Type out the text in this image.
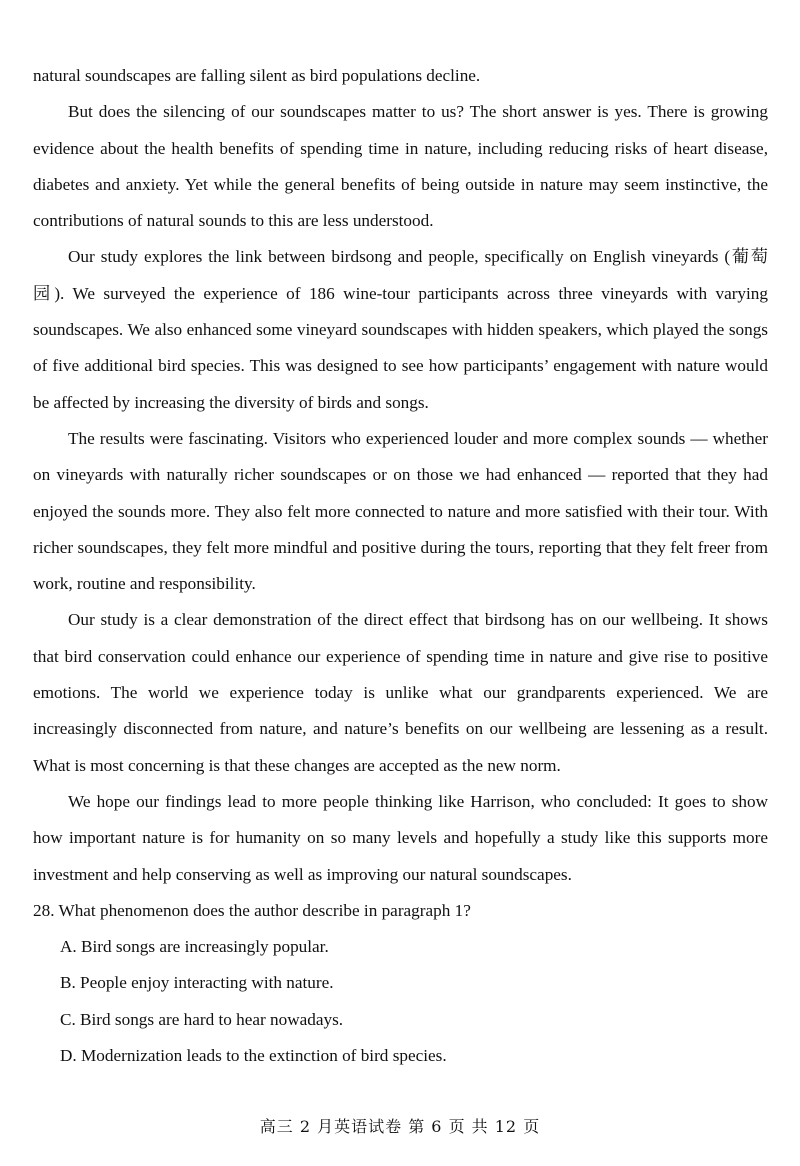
natural soundscapes are falling silent as bird populations decline.

But does the silencing of our soundscapes matter to us? The short answer is yes. There is growing evidence about the health benefits of spending time in nature, including reducing risks of heart disease, diabetes and anxiety. Yet while the general benefits of being outside in nature may seem instinctive, the contributions of natural sounds to this are less understood.

Our study explores the link between birdsong and people, specifically on English vineyards (葡萄园). We surveyed the experience of 186 wine-tour participants across three vineyards with varying soundscapes. We also enhanced some vineyard soundscapes with hidden speakers, which played the songs of five additional bird species. This was designed to see how participants’ engagement with nature would be affected by increasing the diversity of birds and songs.

The results were fascinating. Visitors who experienced louder and more complex sounds — whether on vineyards with naturally richer soundscapes or on those we had enhanced — reported that they had enjoyed the sounds more. They also felt more connected to nature and more satisfied with their tour. With richer soundscapes, they felt more mindful and positive during the tours, reporting that they felt freer from work, routine and responsibility.

Our study is a clear demonstration of the direct effect that birdsong has on our wellbeing. It shows that bird conservation could enhance our experience of spending time in nature and give rise to positive emotions. The world we experience today is unlike what our grandparents experienced. We are increasingly disconnected from nature, and nature’s benefits on our wellbeing are lessening as a result. What is most concerning is that these changes are accepted as the new norm.

We hope our findings lead to more people thinking like Harrison, who concluded: It goes to show how important nature is for humanity on so many levels and hopefully a study like this supports more investment and help conserving as well as improving our natural soundscapes.

28. What phenomenon does the author describe in paragraph 1?

A. Bird songs are increasingly popular.

B. People enjoy interacting with nature.

C. Bird songs are hard to hear nowadays.

D. Modernization leads to the extinction of bird species.

高三 2 月英语试卷 第 6 页 共 12 页
